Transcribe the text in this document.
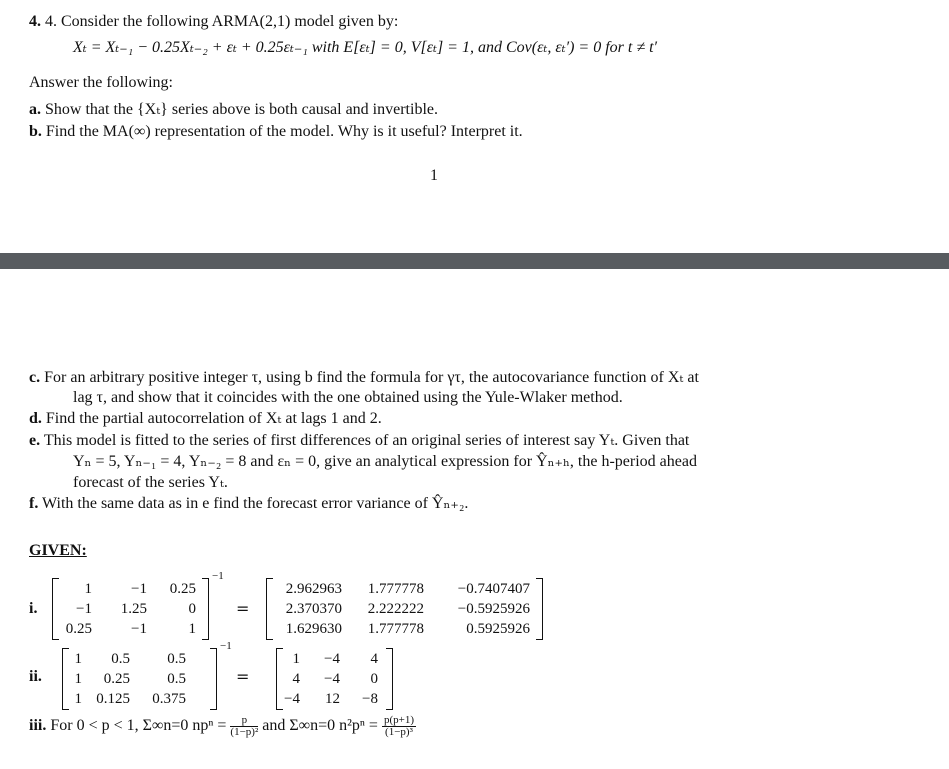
4. 4. Consider the following ARMA(2,1) model given by:
Xₜ = Xₜ₋₁ − 0.25Xₜ₋₂ + εₜ + 0.25εₜ₋₁ with E[εₜ] = 0, V[εₜ] = 1, and Cov(εₜ, εₜ′) = 0 for t ≠ t′
Answer the following:
a. Show that the {Xₜ} series above is both causal and invertible.
b. Find the MA(∞) representation of the model. Why is it useful? Interpret it.
1
c. For an arbitrary positive integer τ, using b find the formula for γτ, the autocovariance function of Xₜ at
lag τ, and show that it coincides with the one obtained using the Yule-Wlaker method.
d. Find the partial autocorrelation of Xₜ at lags 1 and 2.
e. This model is fitted to the series of first differences of an original series of interest say Yₜ. Given that
Yₙ = 5, Yₙ₋₁ = 4, Yₙ₋₂ = 8 and εₙ = 0, give an analytical expression for Ŷₙ₊ₕ, the h-period ahead
forecast of the series Yₜ.
f. With the same data as in e find the forecast error variance of Ŷₙ₊₂.
GIVEN:
i.
−1
1	−1 0.25
−1 1.25	0
0.25	−1	1
=
2.962963 1.777778 −0.7407407
2.370370 2.222222 −0.5925926
1.629630 1.777778	0.5925926
ii.
−1
1 0.5 0.5
1 0.25 0.5
1 0.125 0.375
=
1 −4 4
4 −4 0
−4 12 −8
iii. For 0 < p < 1, Σ∞n=0 $np^n = \frac{p}{\text{(1−p)²}}$ and Σ∞n=0 $n^2p^n = \frac{p(p+1)}{\text{(1−p)³}}$
